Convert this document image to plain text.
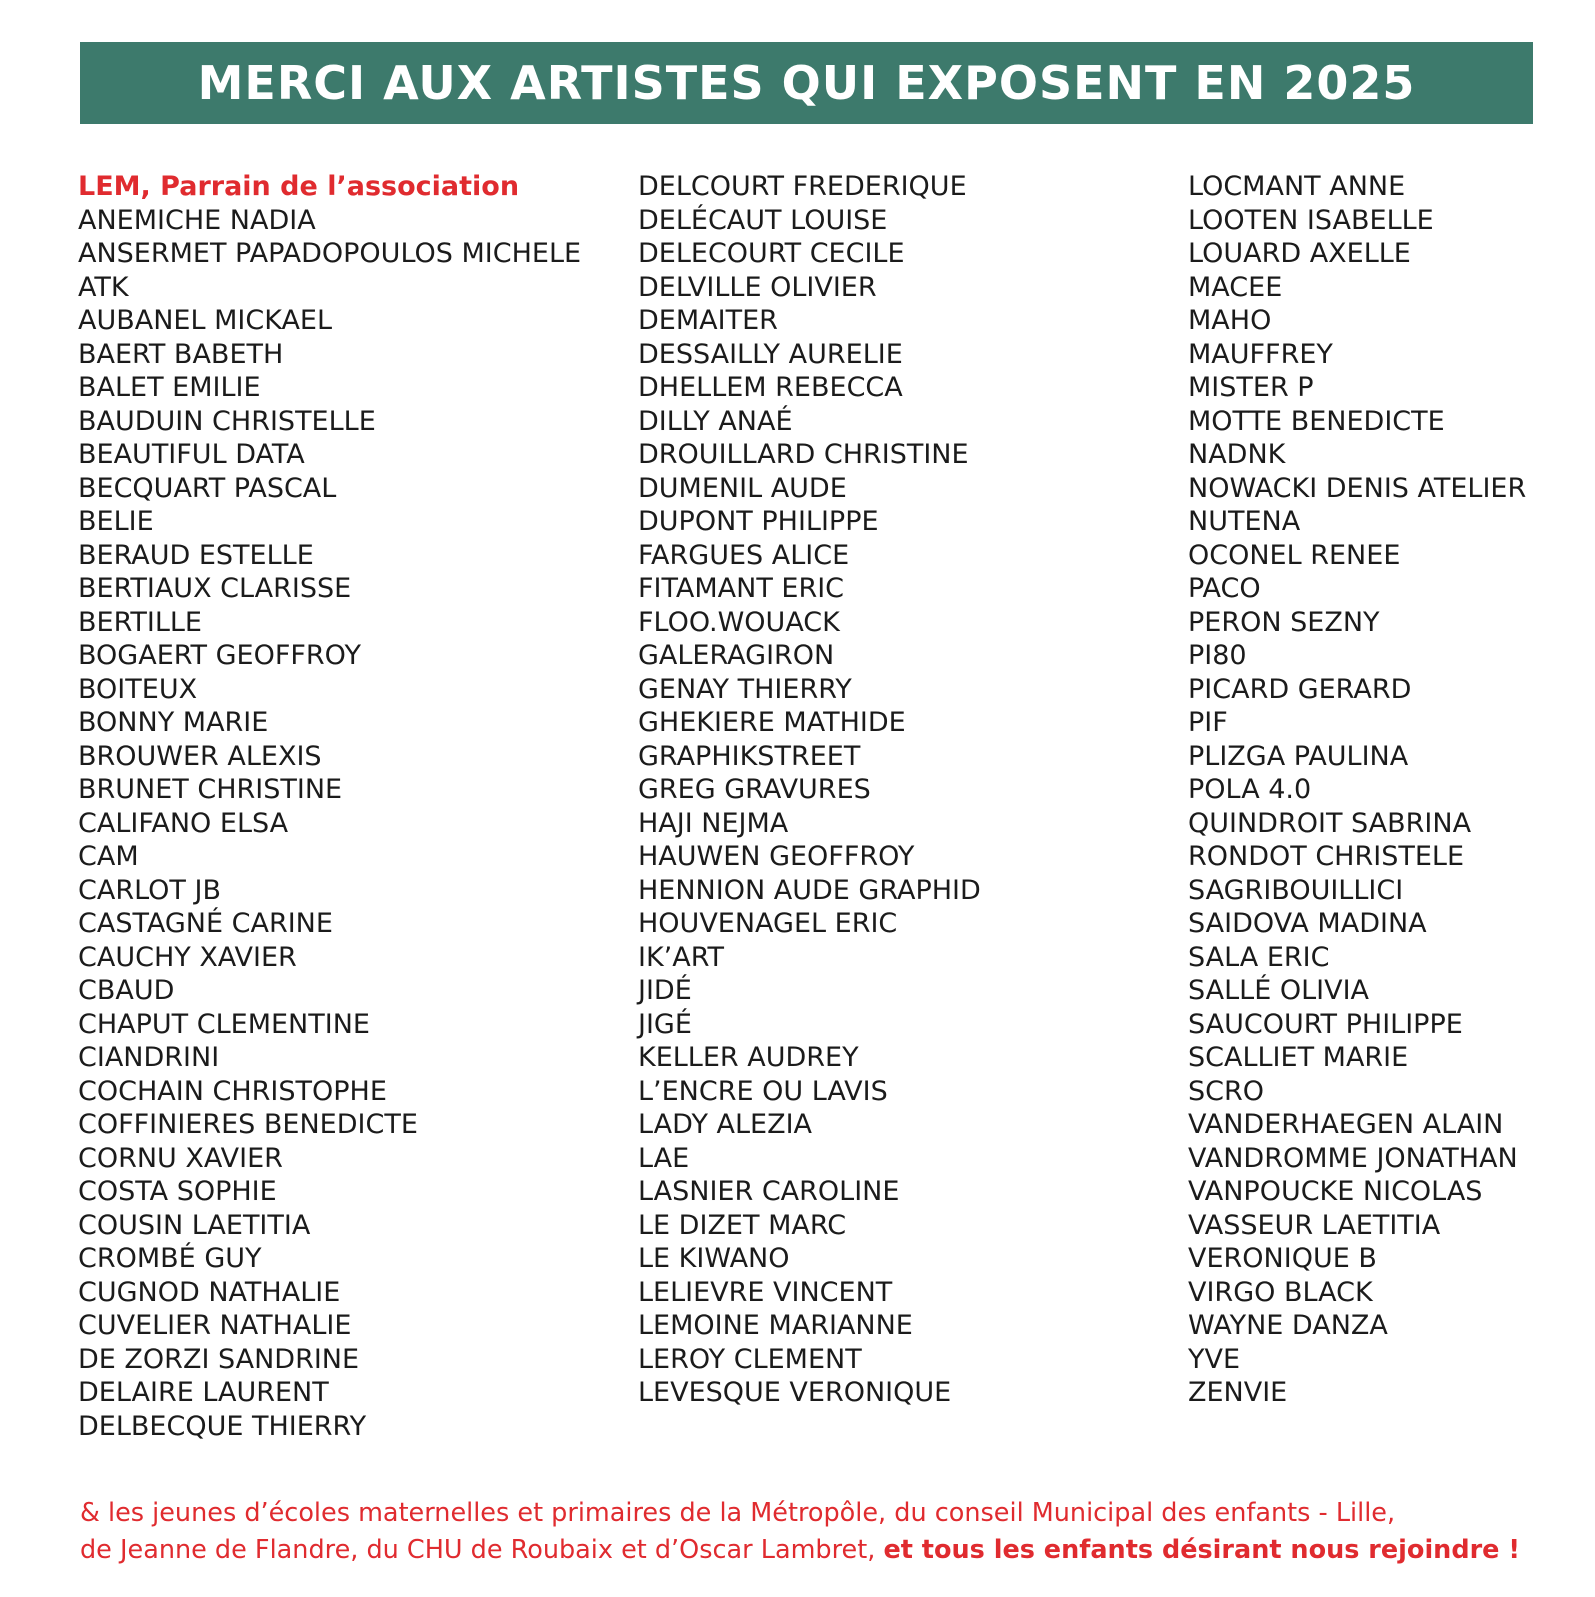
MERCI AUX ARTISTES QUI EXPOSENT EN 2025
LEM, Parrain de l’association
ANEMICHE NADIA
ANSERMET PAPADOPOULOS MICHELE
ATK
AUBANEL MICKAEL
BAERT BABETH
BALET EMILIE
BAUDUIN CHRISTELLE
BEAUTIFUL DATA
BECQUART PASCAL
BELIE
BERAUD ESTELLE
BERTIAUX CLARISSE
BERTILLE
BOGAERT GEOFFROY
BOITEUX
BONNY MARIE
BROUWER ALEXIS
BRUNET CHRISTINE
CALIFANO ELSA
CAM
CARLOT JB
CASTAGNÉ CARINE
CAUCHY XAVIER
CBAUD
CHAPUT CLEMENTINE
CIANDRINI
COCHAIN CHRISTOPHE
COFFINIERES BENEDICTE
CORNU XAVIER
COSTA SOPHIE
COUSIN LAETITIA
CROMBÉ GUY
CUGNOD NATHALIE
CUVELIER NATHALIE
DE ZORZI SANDRINE
DELAIRE LAURENT
DELBECQUE THIERRY
DELCOURT FREDERIQUE
DELÉCAUT LOUISE
DELECOURT CECILE
DELVILLE OLIVIER
DEMAITER
DESSAILLY AURELIE
DHELLEM REBECCA
DILLY ANAÉ
DROUILLARD CHRISTINE
DUMENIL AUDE
DUPONT PHILIPPE
FARGUES ALICE
FITAMANT ERIC
FLOO.WOUACK
GALERAGIRON
GENAY THIERRY
GHEKIERE MATHIDE
GRAPHIKSTREET
GREG GRAVURES
HAJI NEJMA
HAUWEN GEOFFROY
HENNION AUDE GRAPHID
HOUVENAGEL ERIC
IK’ART
JIDÉ
JIGÉ
KELLER AUDREY
L’ENCRE OU LAVIS
LADY ALEZIA
LAE
LASNIER CAROLINE
LE DIZET MARC
LE KIWANO
LELIEVRE VINCENT
LEMOINE MARIANNE
LEROY CLEMENT
LEVESQUE VERONIQUE
LOCMANT ANNE
LOOTEN ISABELLE
LOUARD AXELLE
MACEE
MAHO
MAUFFREY
MISTER P
MOTTE BENEDICTE
NADNK
NOWACKI DENIS ATELIER
NUTENA
OCONEL RENEE
PACO
PERON SEZNY
PI80
PICARD GERARD
PIF
PLIZGA PAULINA
POLA 4.0
QUINDROIT SABRINA
RONDOT CHRISTELE
SAGRIBOUILLICI
SAIDOVA MADINA
SALA ERIC
SALLÉ OLIVIA
SAUCOURT PHILIPPE
SCALLIET MARIE
SCRO
VANDERHAEGEN ALAIN
VANDROMME JONATHAN
VANPOUCKE NICOLAS
VASSEUR LAETITIA
VERONIQUE B
VIRGO BLACK
WAYNE DANZA
YVE
ZENVIE

& les jeunes d’écoles maternelles et primaires de la Métropôle, du conseil Municipal des enfants - Lille,

de Jeanne de Flandre, du CHU de Roubaix et d’Oscar Lambret, et tous les enfants désirant nous rejoindre !
